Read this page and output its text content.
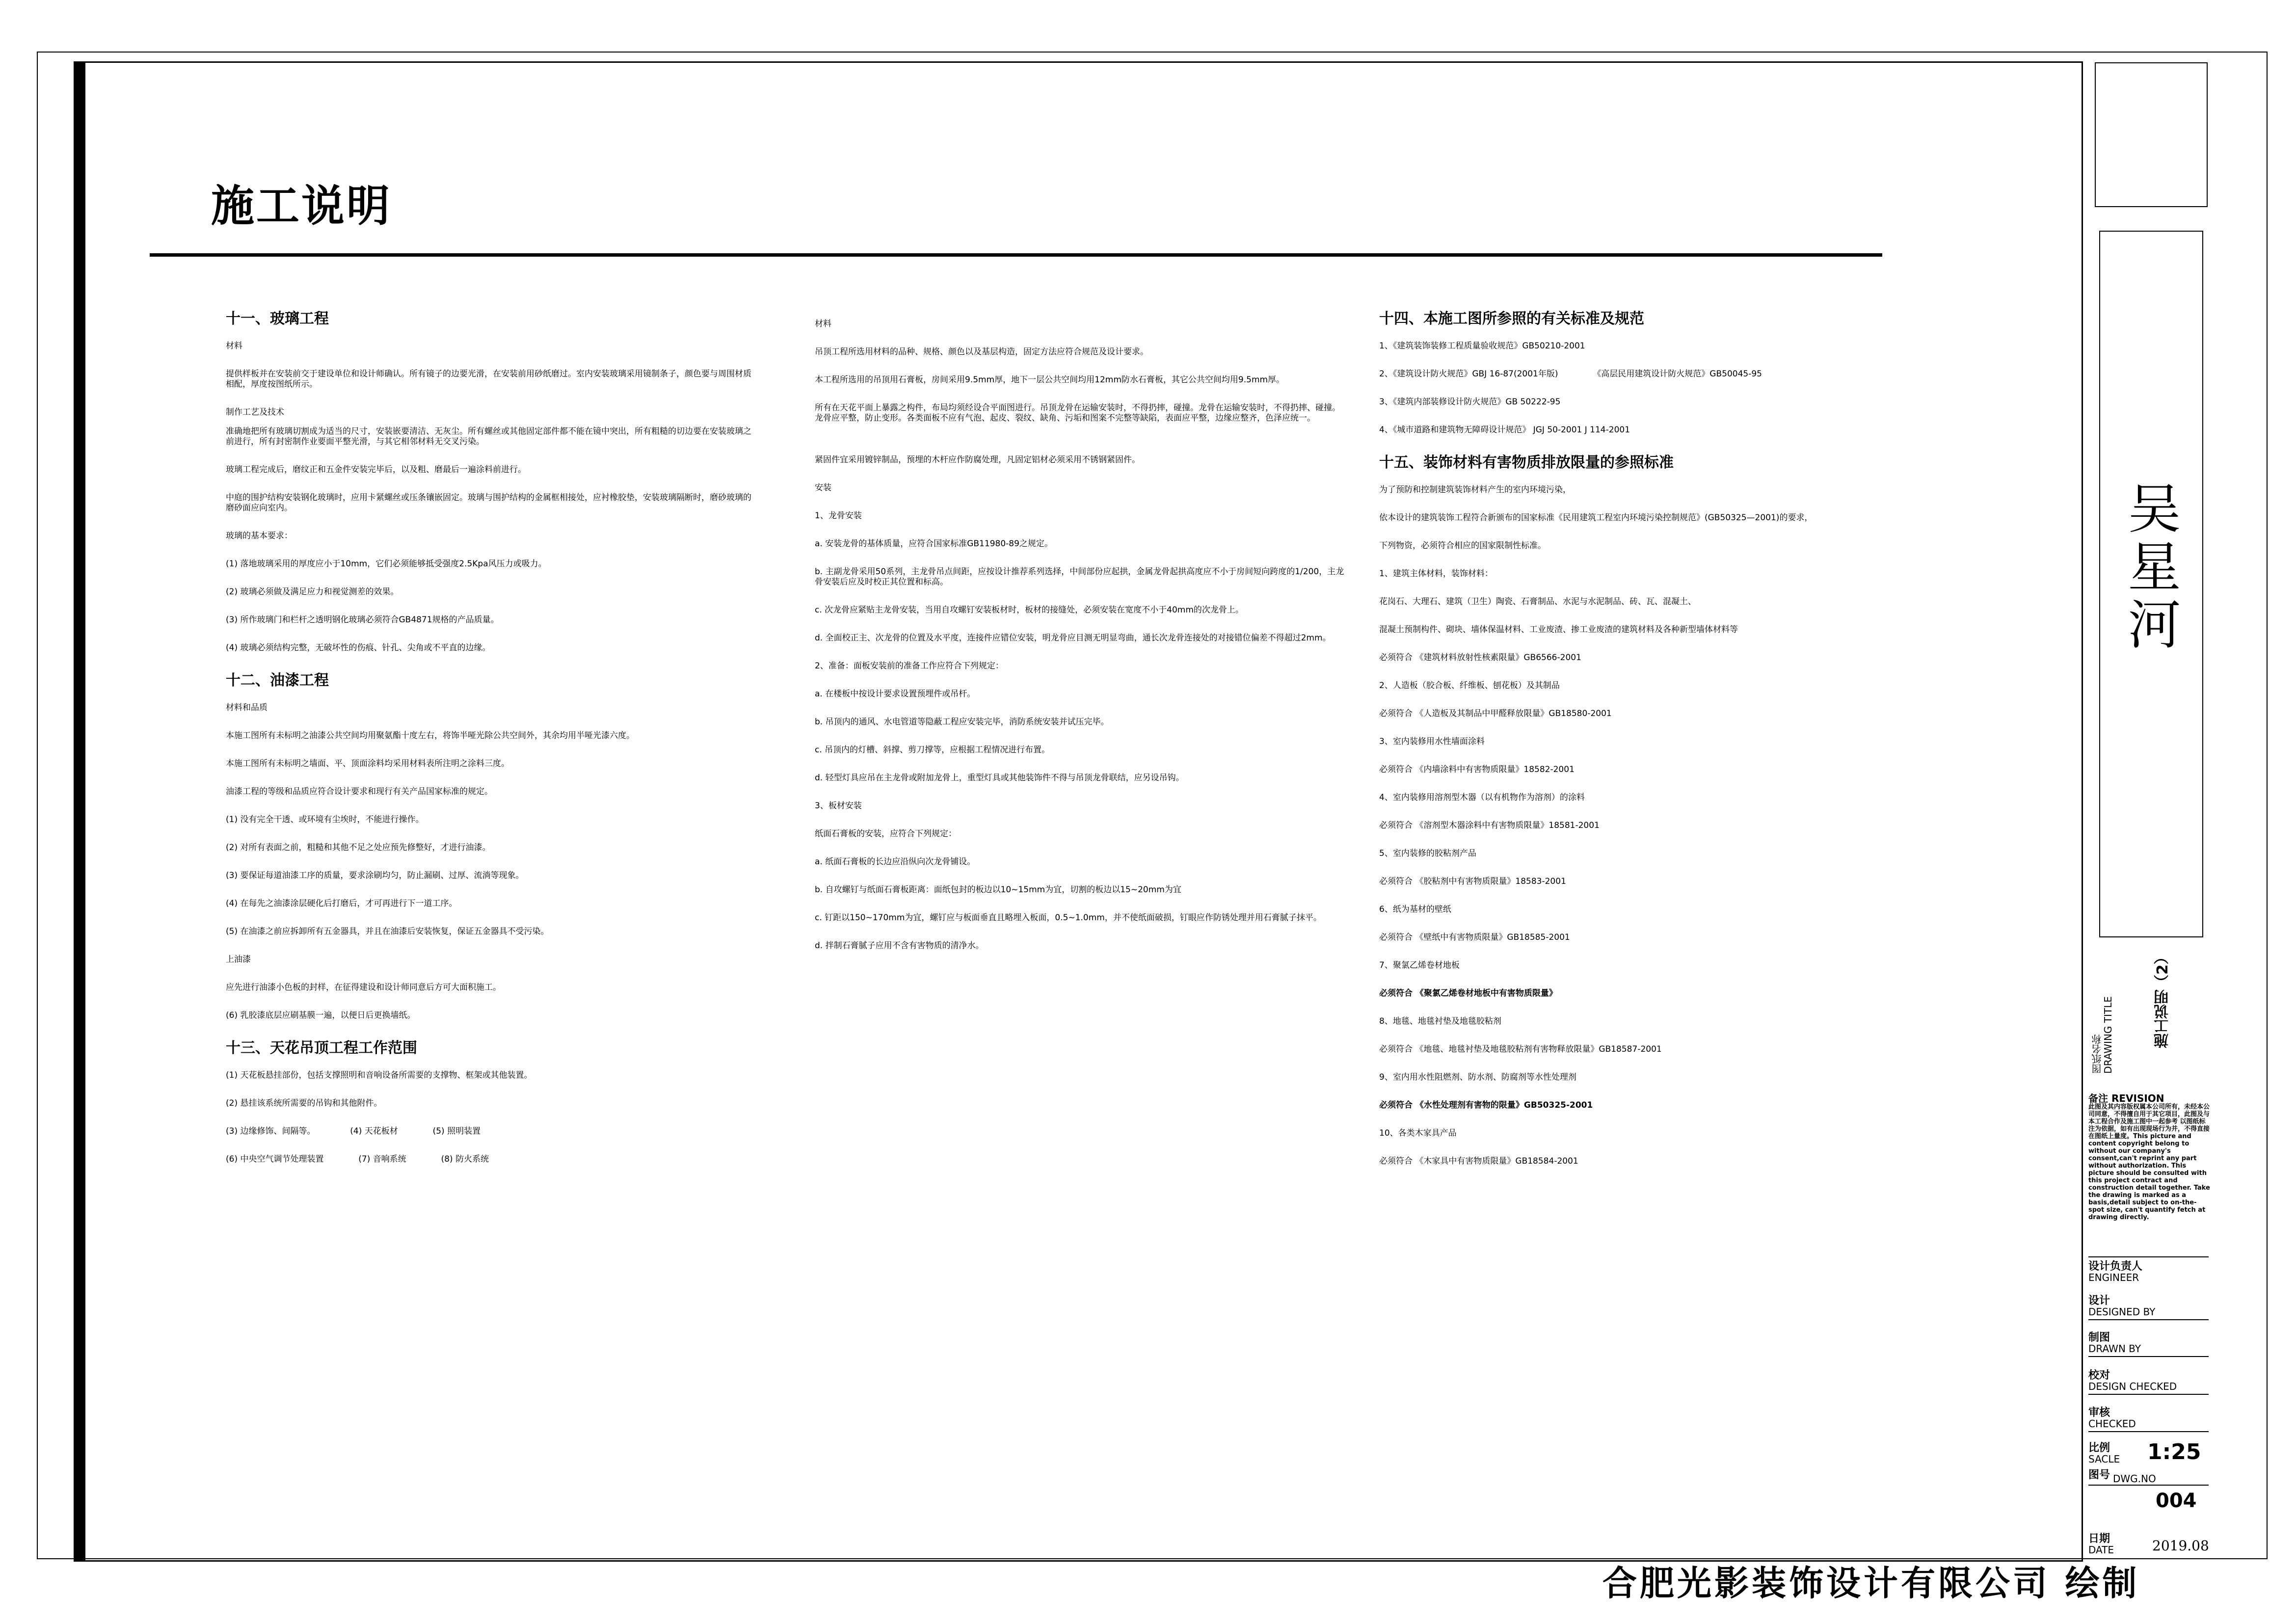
施工说明
十一、玻璃工程
材料
提供样板并在安装前交于建设单位和设计师确认。所有镜子的边要光滑，在安装前用砂纸磨过。室内安装玻璃采用镜制条子，颜色要与周围材质相配，厚度按图纸所示。
制作工艺及技术
准确地把所有玻璃切割成为适当的尺寸，安装嵌要清洁、无灰尘。所有螺丝或其他固定部件都不能在镜中突出，所有粗糙的切边要在安装玻璃之前进行，所有封密制作业要面平整光滑，与其它相邻材料无交叉污染。
玻璃工程完成后，磨纹正和五金件安装完毕后，以及粗、磨最后一遍涂料前进行。
中庭的围护结构安装钢化玻璃时，应用卡紧螺丝或压条镶嵌固定。玻璃与围护结构的金属框相接处，应衬橡胶垫，安装玻璃隔断时，磨砂玻璃的磨砂面应向室内。
玻璃的基本要求：
(1) 落地玻璃采用的厚度应小于10mm，它们必须能够抵受强度2.5Kpa风压力或吸力。
(2) 玻璃必须做及满足应力和视觉测差的效果。
(3) 所作玻璃门和栏杆之透明钢化玻璃必须符合GB4871规格的产品质量。
(4) 玻璃必须结构完整，无破坏性的伤痕、针孔、尖角或不平直的边缘。
十二、油漆工程
材料和品质
本施工图所有未标明之油漆公共空间均用聚氨酯十度左右，将饰半哑光除公共空间外，其余均用半哑光漆六度。
本施工图所有未标明之墙面、平、顶面涂料均采用材料表所注明之涂料三度。
油漆工程的等级和品质应符合设计要求和现行有关产品国家标准的规定。
(1) 没有完全干透、或环境有尘埃时，不能进行操作。
(2) 对所有表面之前，粗糙和其他不足之处应预先修整好，才进行油漆。
(3) 要保证每道油漆工序的质量，要求涂刷均匀，防止漏刷、过厚、流淌等现象。
(4) 在每先之油漆涂层硬化后打磨后，才可再进行下一道工序。
(5) 在油漆之前应拆卸所有五金器具，并且在油漆后安装恢复，保证五金器具不受污染。
上油漆
应先进行油漆小色板的封样，在征得建设和设计师同意后方可大面积施工。
(6) 乳胶漆底层应刷基膜一遍，以便日后更换墙纸。
十三、天花吊顶工程工作范围
(1) 天花板悬挂部份，包括支撑照明和音响设备所需要的支撑物、框架或其他装置。
(2) 悬挂该系统所需要的吊钩和其他附件。
(3) 边缘修饰、间隔等。	(4) 天花板材	(5) 照明装置
(6) 中央空气调节处理装置	(7) 音响系统	(8) 防火系统
材料
吊顶工程所选用材料的品种、规格、颜色以及基层构造，固定方法应符合规范及设计要求。
本工程所选用的吊顶用石膏板，房间采用9.5mm厚，地下一层公共空间均用12mm防水石膏板，其它公共空间均用9.5mm厚。
所有在天花平面上暴露之构件，布局均须经设合平面图进行。吊顶龙骨在运输安装时，不得扔摔，碰撞。龙骨在运输安装时，不得扔摔、碰撞。龙骨应平整，防止变形。各类面板不应有气泡、起皮、裂纹、缺角、污垢和图案不完整等缺陷，表面应平整，边缘应整齐，色泽应统一。
紧固件宜采用镀锌制品，预埋的木杆应作防腐处理，凡固定铝材必须采用不锈钢紧固件。
安装
1、龙骨安装
a. 安装龙骨的基体质量，应符合国家标准GB11980-89之规定。
b. 主副龙骨采用50系列，主龙骨吊点间距，应按设计推荐系列选择，中间部份应起拱，金属龙骨起拱高度应不小于房间短向跨度的1/200，主龙骨安装后应及时校正其位置和标高。
c. 次龙骨应紧贴主龙骨安装，当用自攻螺钉安装板材时，板材的接缝处，必须安装在宽度不小于40mm的次龙骨上。
d. 全面校正主、次龙骨的位置及水平度，连接件应错位安装，明龙骨应目测无明显弯曲，通长次龙骨连接处的对接错位偏差不得超过2mm。
2、准备：面板安装前的准备工作应符合下列规定：
a. 在楼板中按设计要求设置预埋件或吊杆。
b. 吊顶内的通风、水电管道等隐蔽工程应安装完毕，消防系统安装并试压完毕。
c. 吊顶内的灯槽、斜撑、剪刀撑等，应根据工程情况进行布置。
d. 轻型灯具应吊在主龙骨或附加龙骨上，重型灯具或其他装饰件不得与吊顶龙骨联结，应另设吊钩。
3、板材安装
纸面石膏板的安装，应符合下列规定：
a. 纸面石膏板的长边应沿纵向次龙骨铺设。
b. 自攻螺钉与纸面石膏板距离：面纸包封的板边以10~15mm为宜，切割的板边以15~20mm为宜
c. 钉距以150~170mm为宜，螺钉应与板面垂直且略埋入板面，0.5~1.0mm，并不使纸面破损，钉眼应作防锈处理并用石膏腻子抹平。
d. 拌制石膏腻子应用不含有害物质的清净水。
十四、本施工图所参照的有关标准及规范
1、《建筑装饰装修工程质量验收规范》GB50210-2001
2、《建筑设计防火规范》GBJ 16-87(2001年版)	《高层民用建筑设计防火规范》GB50045-95
3、《建筑内部装修设计防火规范》GB 50222-95
4、《城市道路和建筑物无障碍设计规范》 JGJ 50-2001 J 114-2001
十五、装饰材料有害物质排放限量的参照标准
为了预防和控制建筑装饰材料产生的室内环境污染，
依本设计的建筑装饰工程符合新颁布的国家标准《民用建筑工程室内环境污染控制规范》(GB50325—2001)的要求，
下列物资，必须符合相应的国家限制性标准。
1、建筑主体材料，装饰材料：
花岗石、大理石、建筑（卫生）陶瓷、石膏制品、水泥与水泥制品、砖、瓦、混凝土、
混凝土预制构件、砌块、墙体保温材料、工业废渣、掺工业废渣的建筑材料及各种新型墙体材料等
必须符合 《建筑材料放射性核素限量》GB6566-2001
2、人造板（胶合板、纤维板、刨花板）及其制品
必须符合 《人造板及其制品中甲醛释放限量》GB18580-2001
3、室内装修用水性墙面涂料
必须符合 《内墙涂料中有害物质限量》18582-2001
4、室内装修用溶剂型木器（以有机物作为溶剂）的涂料
必须符合 《溶剂型木器涂料中有害物质限量》18581-2001
5、室内装修的胶粘剂产品
必须符合 《胶粘剂中有害物质限量》18583-2001
6、纸为基材的壁纸
必须符合 《壁纸中有害物质限量》GB18585-2001
7、聚氯乙烯卷材地板
必须符合 《聚氯乙烯卷材地板中有害物质限量》
8、地毯、地毯衬垫及地毯胶粘剂
必须符合 《地毯、地毯衬垫及地毯胶粘剂有害物释放限量》GB18587-2001
9、室内用水性阻燃剂、防水剂、防腐剂等水性处理剂
必须符合 《水性处理剂有害物的限量》GB50325-2001
10、各类木家具产品
必须符合 《木家具中有害物质限量》GB18584-2001
吴星河
图纸名称
DRAWING TITLE	施工说明（2）
备注 REVISION
此图及其内容版权属本公司所有，未经本公司同意，不得擅自用于其它项目，此图及与本工程合作及施工图中一起参考 以图纸标注为依据，如有出现现场行为并，不得直接在图纸上量度。This picture and content copyright belong to without our company's consent,can't reprint any part without authorization. This picture should be consulted with this project contract and construction detail together. Take the drawing is marked as a basis,detail subject to on-the-spot size, can't quantify fetch at drawing directly.
设计负责人
ENGINEER
设计
DESIGNED BY
制图
DRAWN BY
校对
DESIGN CHECKED
审核
CHECKED
比例
SACLE 1:25
图号 DWG.NO
004
日期
DATE	2019.08
合肥光影装饰设计有限公司 绘制
